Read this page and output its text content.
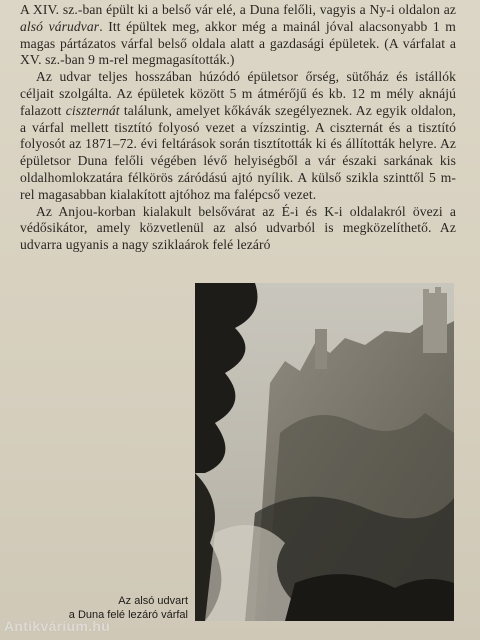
A XIV. sz.-ban épült ki a belső vár elé, a Duna felőli, vagyis a Ny-i oldalon az alsó várudvar. Itt épültek meg, akkor még a mainál jóval alacsonyabb 1 m magas pártázatos várfal belső oldala alatt a gazdasági épületek. (A várfalat a XV. sz.-ban 9 m-rel megmagasították.)

Az udvar teljes hosszában húzódó épületsor őrség, sütőház és istállók céljait szolgálta. Az épületek között 5 m átmérőjű és kb. 12 m mély aknájú falazott ciszternát találunk, amelyet kőkávák szegélyeznek. Az egyik oldalon, a várfal mellett tisztító folyosó vezet a vízszintig. A ciszternát és a tisztító folyosót az 1871–72. évi feltárások során tisztították ki és állították helyre. Az épületsor Duna felőli végében lévő helyiségből a vár északi sarkának kis oldalhomlokzatára félkörös záródású ajtó nyílik. A külső szikla szinttől 5 m-rel magasabban kialakított ajtóhoz ma falépcső vezet.

Az Anjou-korban kialakult belsővárat az É-i és K-i oldalakról övezi a védősikátor, amely közvetlenül az alsó udvarból is megközelíthető. Az udvarra ugyanis a nagy sziklaárok felé lezáró

Az alsó udvart
a Duna felé lezáró várfal
Antikvárium.hu
